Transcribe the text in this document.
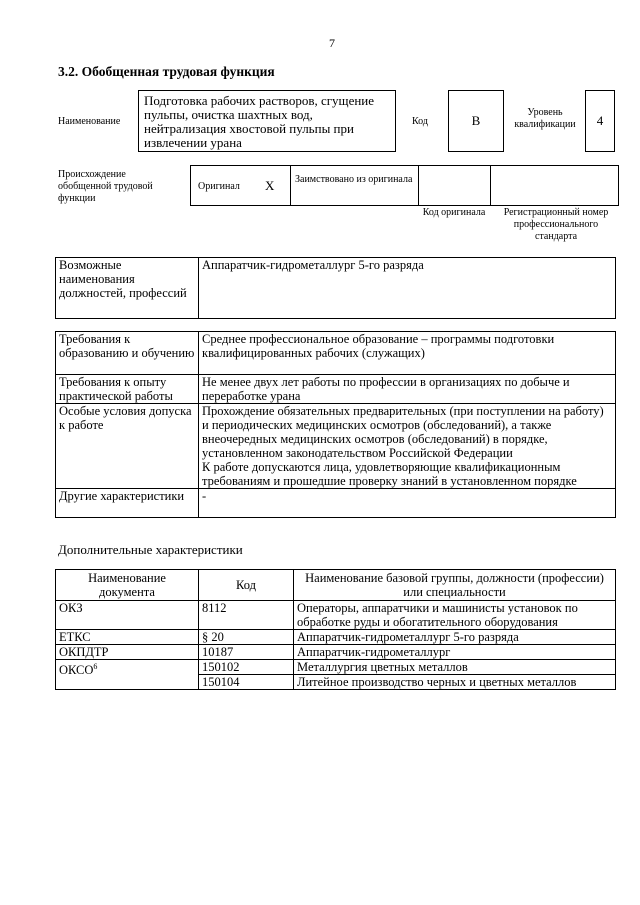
7
3.2. Обобщенная трудовая функция
Наименование
Подготовка рабочих растворов, сгущение пульпы, очистка шахтных вод, нейтрализация хвостовой пульпы при извлечении урана
Код	B
Уровень квалификации	4
Происхождение обобщенной трудовой функции
Оригинал X Заимствовано из оригинала
Код оригинала	Регистрационный номер профессионального стандарта
Возможные наименования должностей, профессий	Аппаратчик-гидрометаллург 5-го разряда
Требования к образованию и обучению	Среднее профессиональное образование – программы подготовки квалифицированных рабочих (служащих)
Требования к опыту практической работы	Не менее двух лет работы по профессии в организациях по добыче и переработке урана
Особые условия допуска к работе	Прохождение обязательных предварительных (при поступлении на работу) и периодических медицинских осмотров (обследований), а также внеочередных медицинских осмотров (обследований) в порядке, установленном законодательством Российской Федерации
К работе допускаются лица, удовлетворяющие квалификационным требованиям и прошедшие проверку знаний в установленном порядке

Другие характеристики	-
Дополнительные характеристики
Наименование документа	Код	Наименование базовой группы, должности (профессии) или специальности
ОКЗ	8112	Операторы, аппаратчики и машинисты установок по обработке руды и обогатительного оборудования
ЕТКС	§ 20	Аппаратчик-гидрометаллург 5-го разряда
ОКПДТР	10187	Аппаратчик-гидрометаллург
ОКСО$^6$	150102	Металлургия цветных металлов
	150104	Литейное производство черных и цветных металлов
